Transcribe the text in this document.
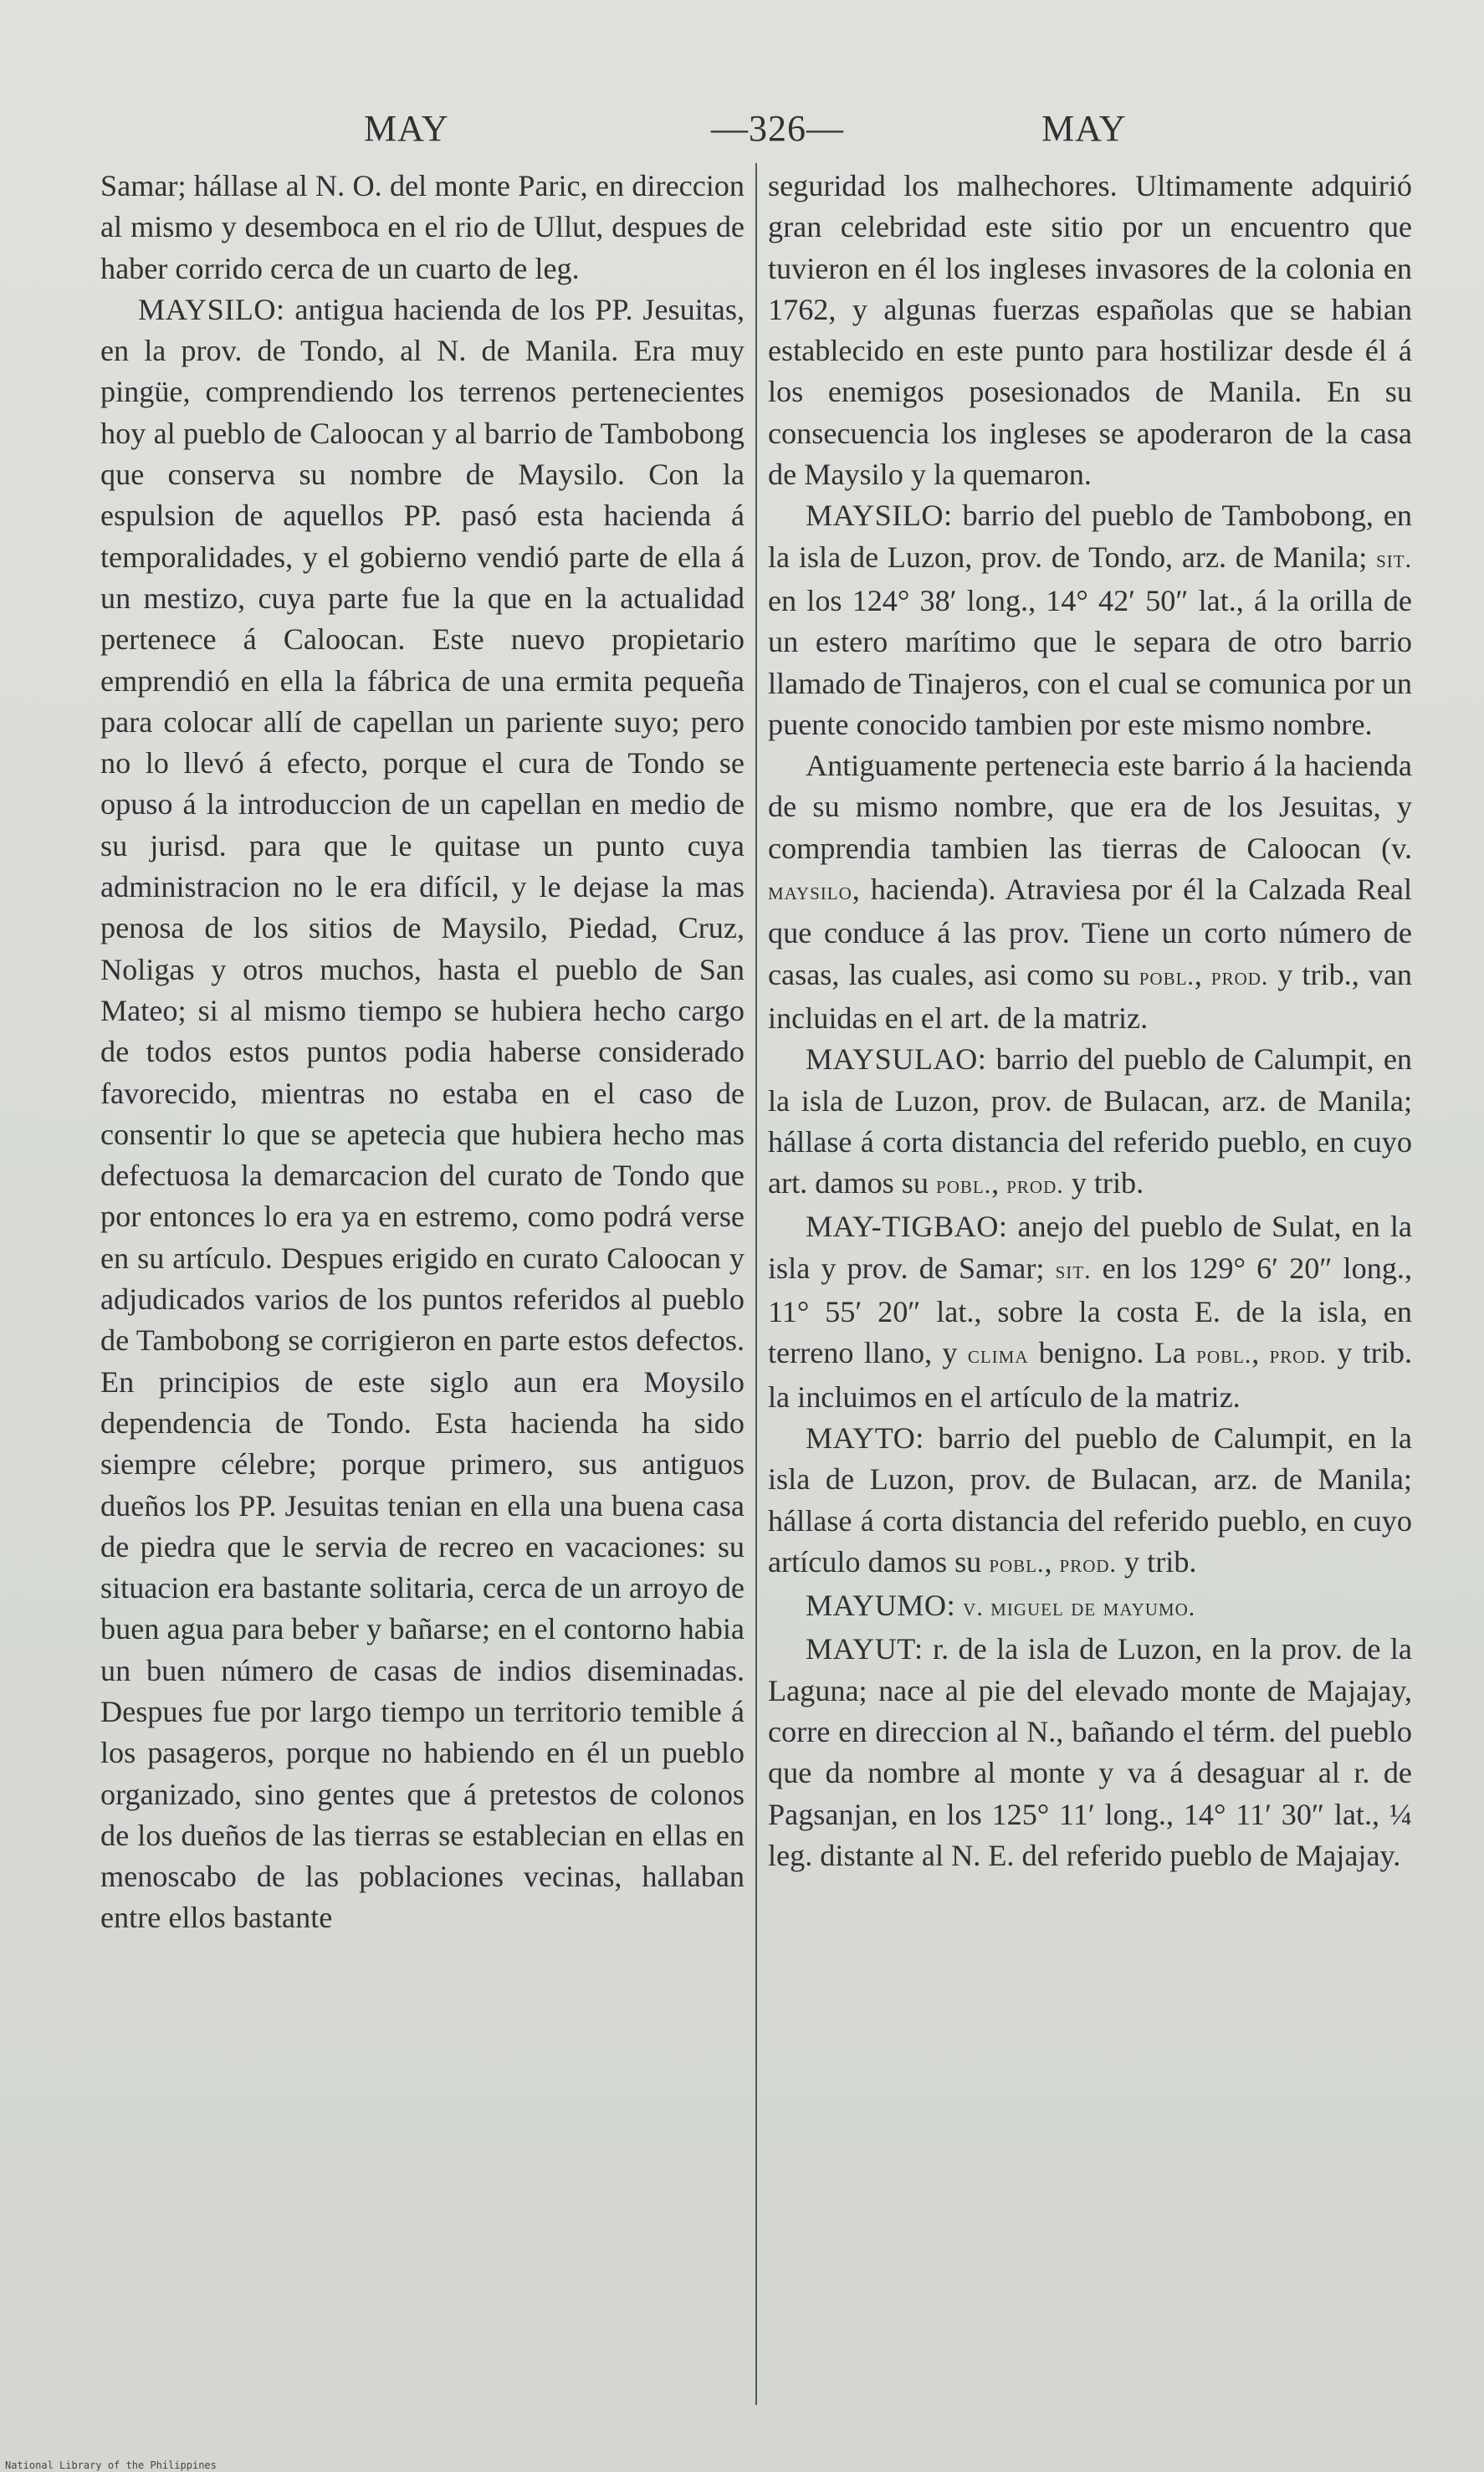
MAY	—326—	MAY

Samar; hállase al N. O. del monte Paric, en direccion al mismo y desemboca en el rio de Ullut, despues de haber corrido cerca de un cuarto de leg.

MAYSILO: antigua hacienda de los PP. Jesuitas, en la prov. de Tondo, al N. de Manila. Era muy pingüe, comprendiendo los terrenos pertenecientes hoy al pueblo de Caloocan y al barrio de Tambobong que conserva su nombre de Maysilo. Con la espulsion de aquellos PP. pasó esta hacienda á temporalidades, y el gobierno vendió parte de ella á un mestizo, cuya parte fue la que en la actualidad pertenece á Caloocan. Este nuevo propietario emprendió en ella la fábrica de una ermita pequeña para colocar allí de capellan un pariente suyo; pero no lo llevó á efecto, porque el cura de Tondo se opuso á la introduccion de un capellan en medio de su jurisd. para que le quitase un punto cuya administracion no le era difícil, y le dejase la mas penosa de los sitios de Maysilo, Piedad, Cruz, Noligas y otros muchos, hasta el pueblo de San Mateo; si al mismo tiempo se hubiera hecho cargo de todos estos puntos podia haberse considerado favorecido, mientras no estaba en el caso de consentir lo que se apetecia que hubiera hecho mas defectuosa la demarcacion del curato de Tondo que por entonces lo era ya en estremo, como podrá verse en su artículo. Despues erigido en curato Caloocan y adjudicados varios de los puntos referidos al pueblo de Tambobong se corrigieron en parte estos defectos. En principios de este siglo aun era Moysilo dependencia de Tondo. Esta hacienda ha sido siempre célebre; porque primero, sus antiguos dueños los PP. Jesuitas tenian en ella una buena casa de piedra que le servia de recreo en vacaciones: su situacion era bastante solitaria, cerca de un arroyo de buen agua para beber y bañarse; en el contorno habia un buen número de casas de indios diseminadas. Despues fue por largo tiempo un territorio temible á los pasageros, porque no habiendo en él un pueblo organizado, sino gentes que á pretestos de colonos de los dueños de las tierras se establecian en ellas en menoscabo de las poblaciones vecinas, hallaban entre ellos bastante

seguridad los malhechores. Ultimamente adquirió gran celebridad este sitio por un encuentro que tuvieron en él los ingleses invasores de la colonia en 1762, y algunas fuerzas españolas que se habian establecido en este punto para hostilizar desde él á los enemigos posesionados de Manila. En su consecuencia los ingleses se apoderaron de la casa de Maysilo y la quemaron.

MAYSILO: barrio del pueblo de Tambobong, en la isla de Luzon, prov. de Tondo, arz. de Manila; sit. en los 124° 38′ long., 14° 42′ 50″ lat., á la orilla de un estero marítimo que le separa de otro barrio llamado de Tinajeros, con el cual se comunica por un puente conocido tambien por este mismo nombre.

Antiguamente pertenecia este barrio á la hacienda de su mismo nombre, que era de los Jesuitas, y comprendia tambien las tierras de Caloocan (v. maysilo, hacienda). Atraviesa por él la Calzada Real que conduce á las prov. Tiene un corto número de casas, las cuales, asi como su pobl., prod. y trib., van incluidas en el art. de la matriz.

MAYSULAO: barrio del pueblo de Calumpit, en la isla de Luzon, prov. de Bulacan, arz. de Manila; hállase á corta distancia del referido pueblo, en cuyo art. damos su pobl., prod. y trib.

MAY-TIGBAO: anejo del pueblo de Sulat, en la isla y prov. de Samar; sit. en los 129° 6′ 20″ long., 11° 55′ 20″ lat., sobre la costa E. de la isla, en terreno llano, y clima benigno. La pobl., prod. y trib. la incluimos en el artículo de la matriz.

MAYTO: barrio del pueblo de Calumpit, en la isla de Luzon, prov. de Bulacan, arz. de Manila; hállase á corta distancia del referido pueblo, en cuyo artículo damos su pobl., prod. y trib.

MAYUMO: v. miguel de mayumo.

MAYUT: r. de la isla de Luzon, en la prov. de la Laguna; nace al pie del elevado monte de Majajay, corre en direccion al N., bañando el térm. del pueblo que da nombre al monte y va á desaguar al r. de Pagsanjan, en los 125° 11′ long., 14° 11′ 30″ lat., ¼ leg. distante al N. E. del referido pueblo de Majajay.

National Library of the Philippines
